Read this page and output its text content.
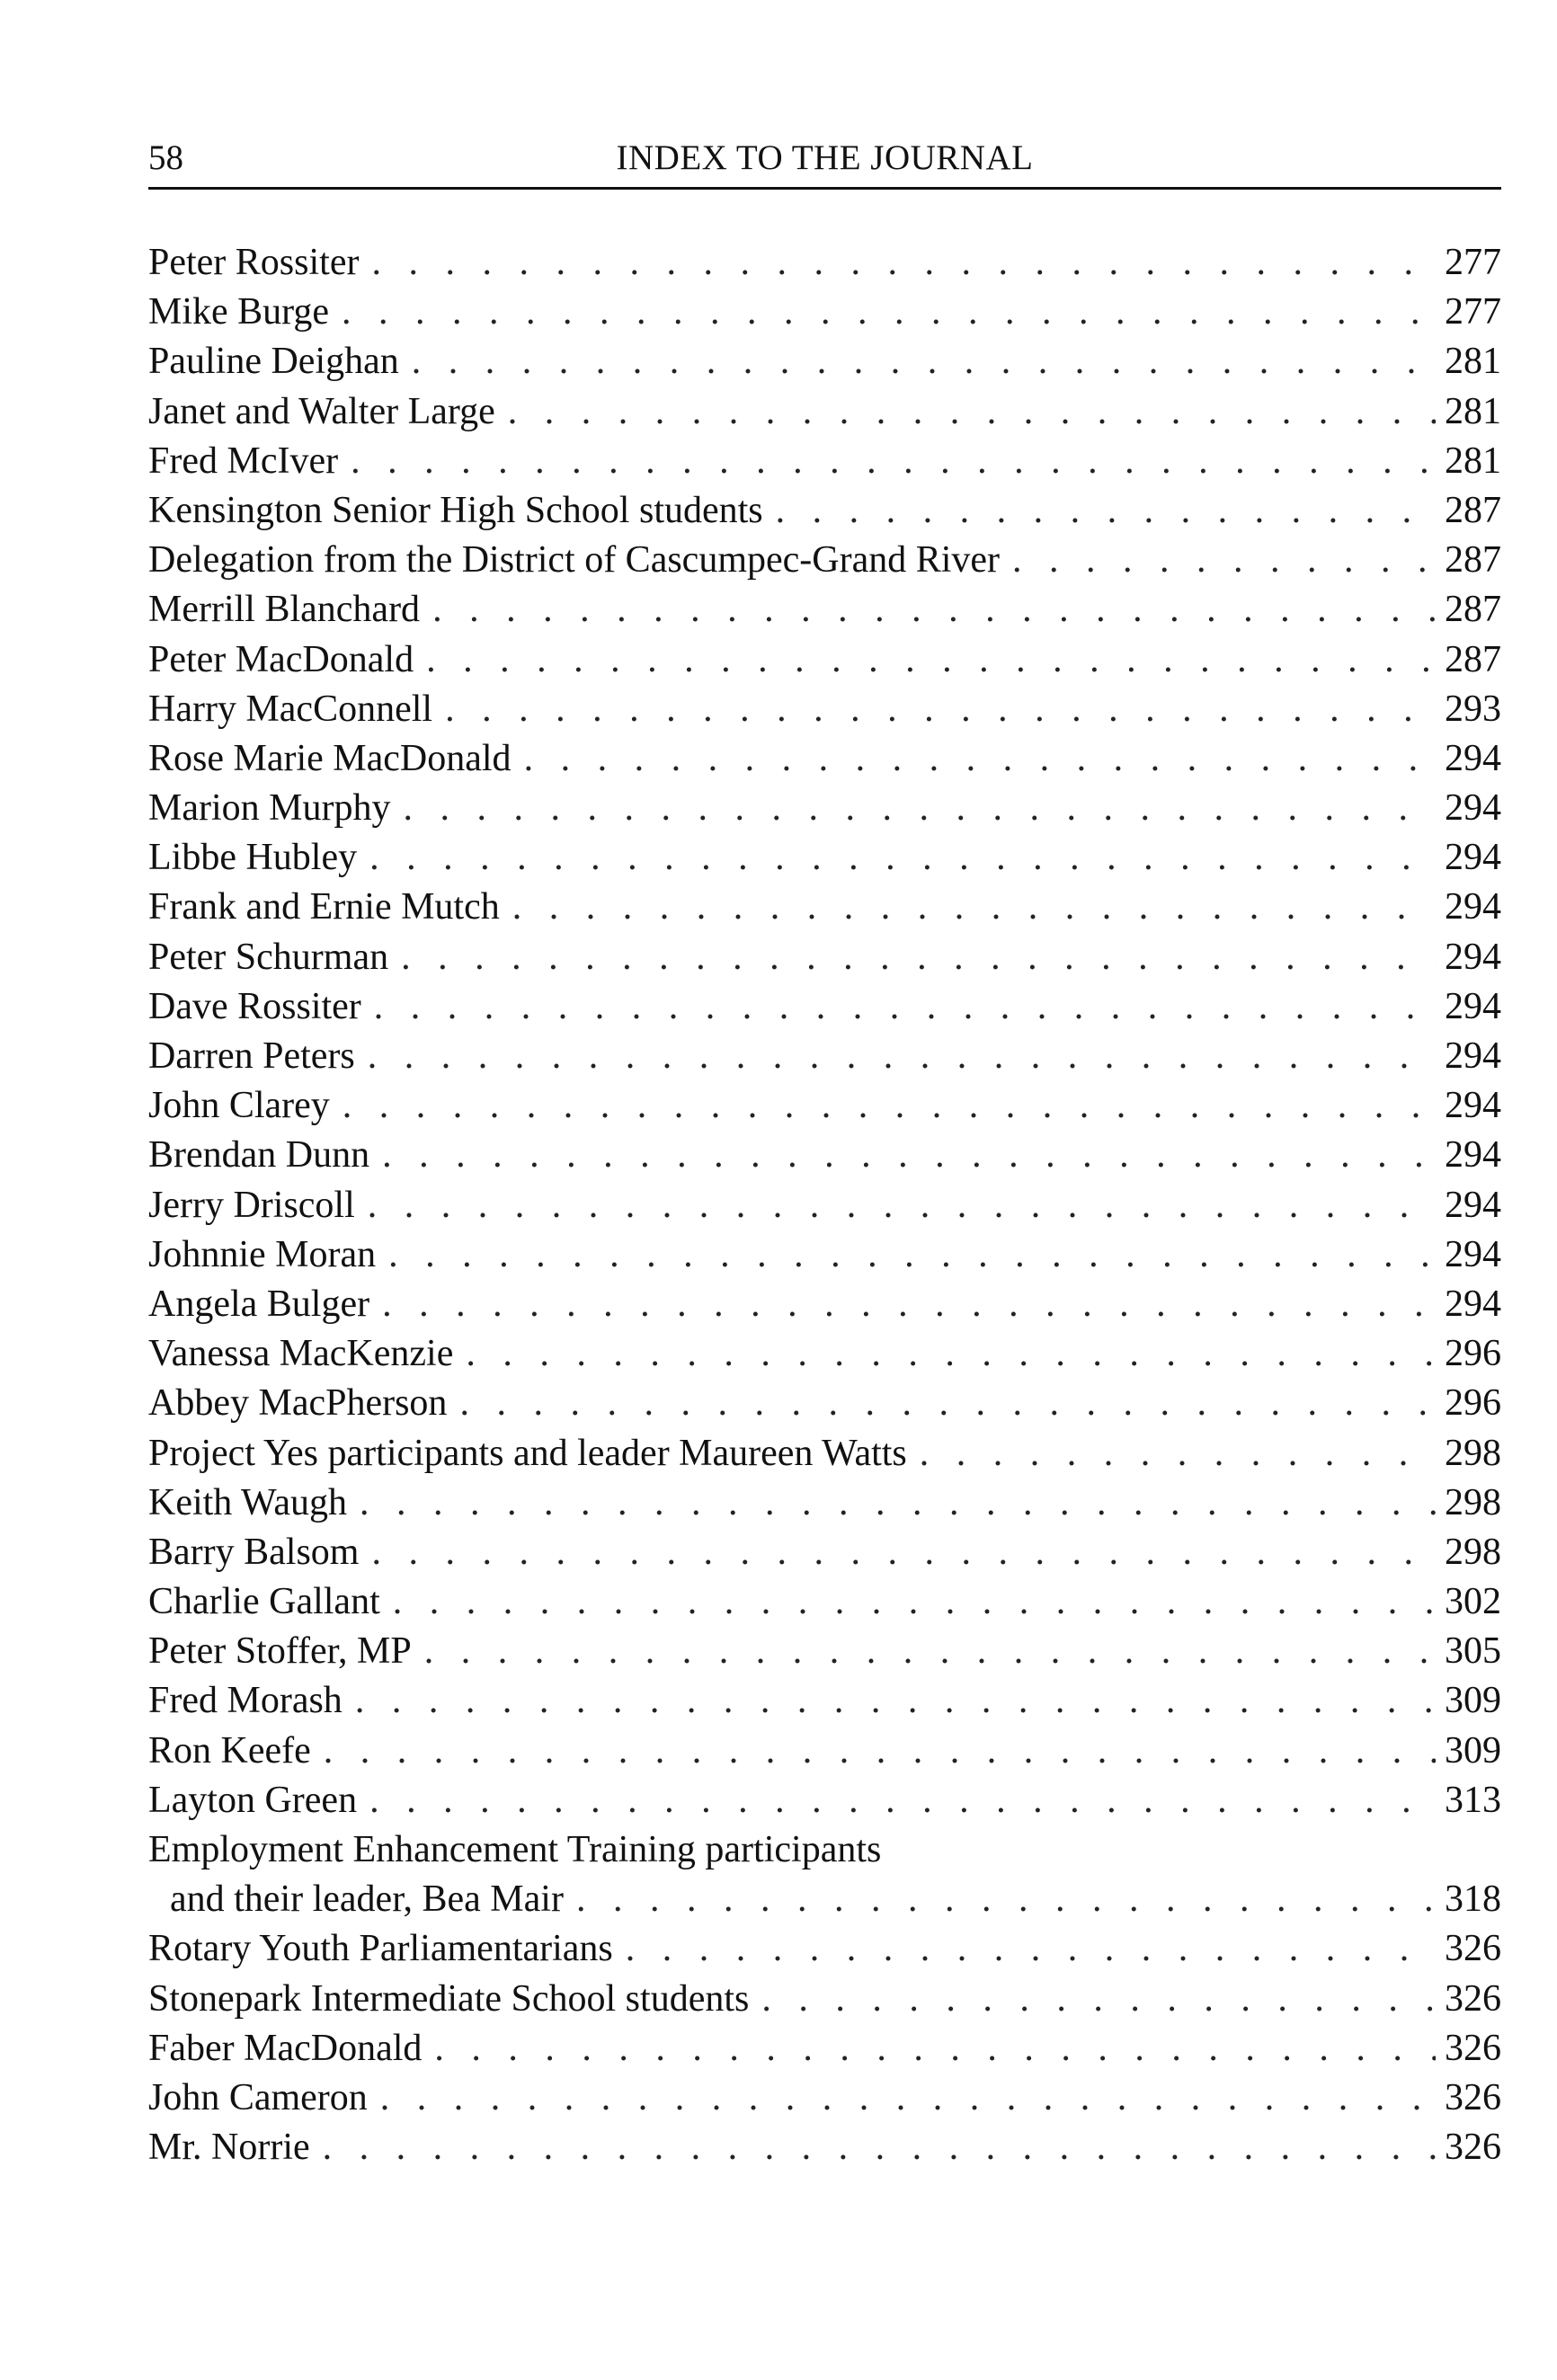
58	INDEX TO THE JOURNAL
Peter Rossiter . . .	277
Mike Burge . . .	277
Pauline Deighan . . .	281
Janet and Walter Large . . .	281
Fred McIver . . .	281
Kensington Senior High School students . . .	287
Delegation from the District of Cascumpec-Grand River . . .	287
Merrill Blanchard . . .	287
Peter MacDonald . . .	287
Harry MacConnell . . .	293
Rose Marie MacDonald . . .	294
Marion Murphy . . .	294
Libbe Hubley . . .	294
Frank and Ernie Mutch . . .	294
Peter Schurman . . .	294
Dave Rossiter . . .	294
Darren Peters . . .	294
John Clarey . . .	294
Brendan Dunn . . .	294
Jerry Driscoll . . .	294
Johnnie Moran . . .	294
Angela Bulger . . .	294
Vanessa MacKenzie . . .	296
Abbey MacPherson . . .	296
Project Yes participants and leader Maureen Watts . . .	298
Keith Waugh . . .	298
Barry Balsom . . .	298
Charlie Gallant . . .	302
Peter Stoffer, MP . . .	305
Fred Morash . . .	309
Ron Keefe . . .	309
Layton Green . . .	313
Employment Enhancement Training participants
and their leader, Bea Mair . . .	318
Rotary Youth Parliamentarians . . .	326
Stonepark Intermediate School students . . .	326
Faber MacDonald . . .	326
John Cameron . . .	326
Mr. Norrie . . .	326
